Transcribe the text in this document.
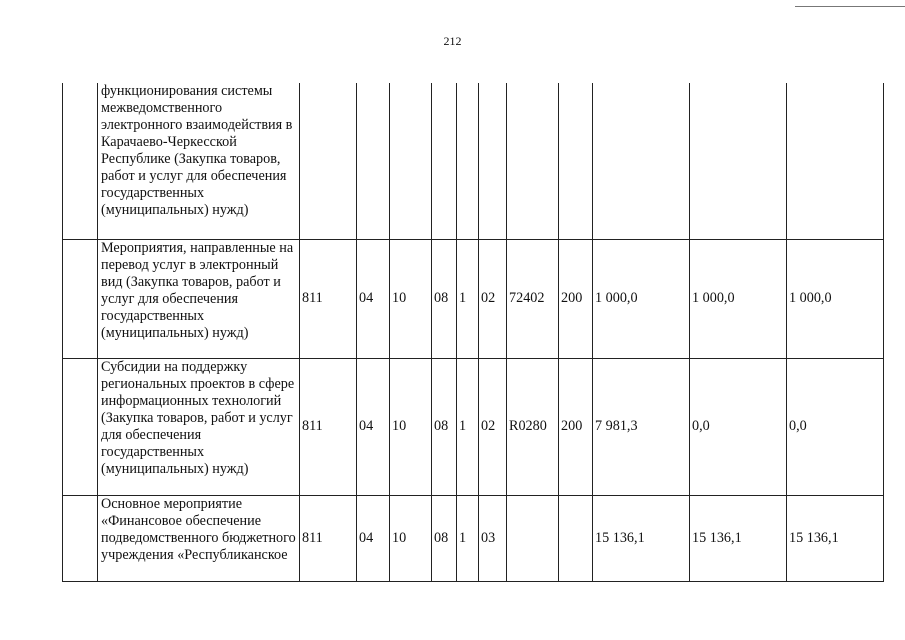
212

	функционирования системы межведомственного электронного взаимодействия в Карачаево-Черкесской Республике (Закупка товаров, работ и услуг для обеспечения государственных (муниципальных) нужд)											

	Мероприятия, направленные на перевод услуг в электронный вид (Закупка товаров, работ и услуг для обеспечения государственных (муниципальных) нужд)	811	04	10	08	1	02	72402	200	1 000,0	1 000,0	1 000,0

	Субсидии на поддержку региональных проектов в сфере информационных технологий (Закупка товаров, работ и услуг для обеспечения государственных (муниципальных) нужд)	811	04	10	08	1	02	R0280	200	7 981,3	0,0	0,0

	Основное мероприятие «Финансовое обеспечение подведомственного бюджетного учреждения «Республиканское	811	04	10	08	1	03			15 136,1	15 136,1	15 136,1
